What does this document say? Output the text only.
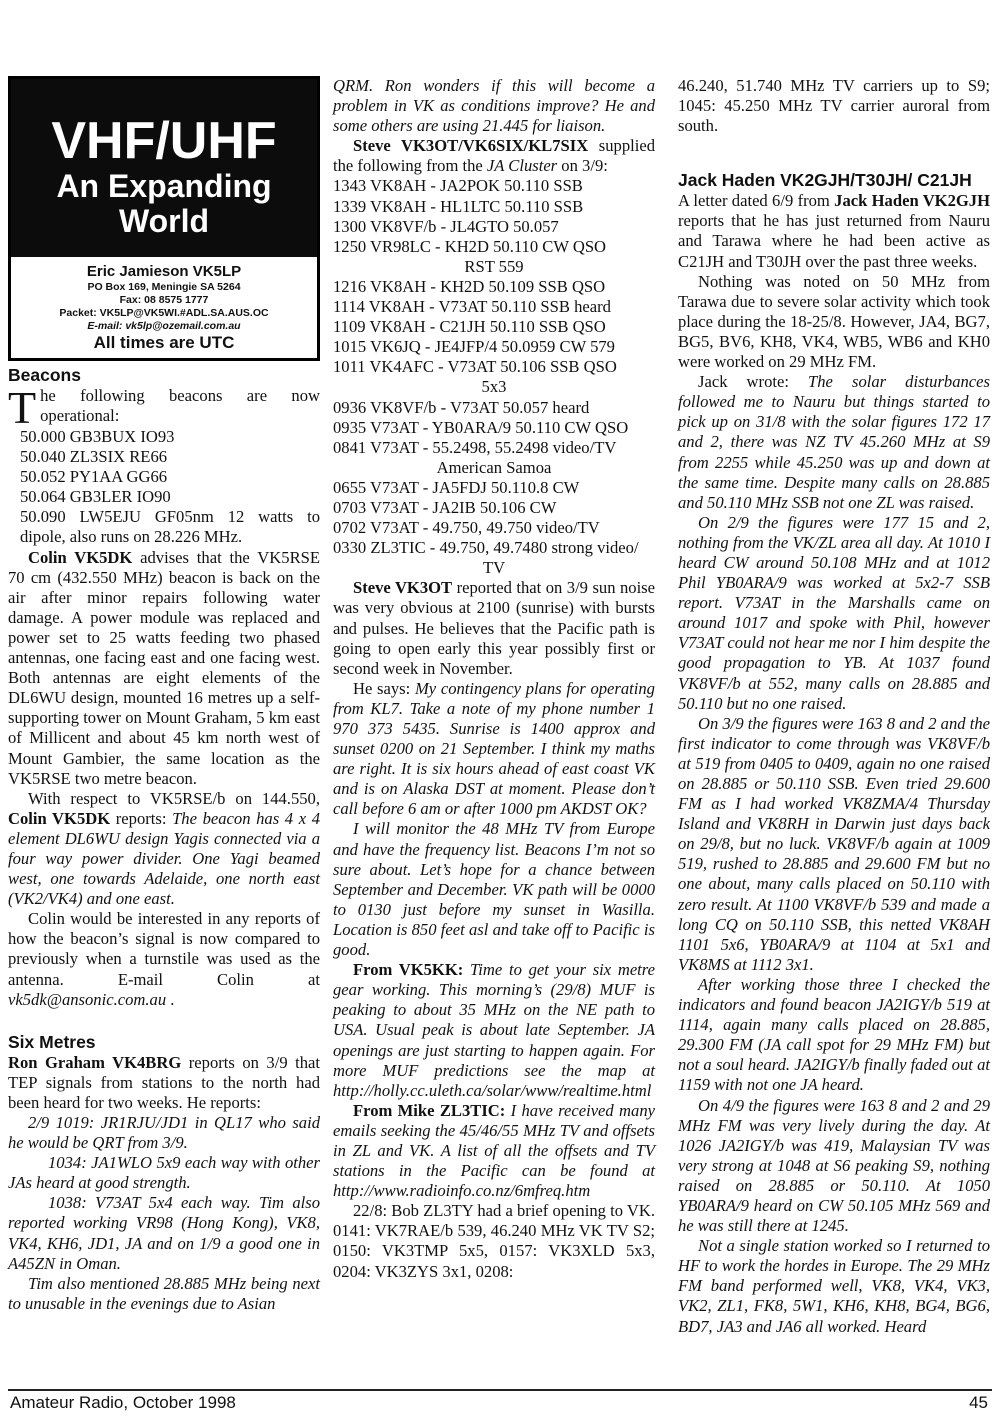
VHF/UHF
An Expanding
World
Eric Jamieson VK5LP
PO Box 169, Meningie SA 5264
Fax: 08 8575 1777
Packet: VK5LP@VK5WI.#ADL.SA.AUS.OC
E-mail: vk5lp@ozemail.com.au
All times are UTC
Beacons

The following beacons are now operational:

50.000 GB3BUX IO93
50.040 ZL3SIX RE66
50.052 PY1AA GG66
50.064 GB3LER IO90

50.090 LW5EJU GF05nm 12 watts to dipole, also runs on 28.226 MHz.

Colin VK5DK advises that the VK5RSE 70 cm (432.550 MHz) beacon is back on the air after minor repairs following water damage. A power module was replaced and power set to 25 watts feeding two phased antennas, one facing east and one facing west. Both antennas are eight elements of the DL6WU design, mounted 16 metres up a self-supporting tower on Mount Graham, 5 km east of Millicent and about 45 km north west of Mount Gambier, the same location as the VK5RSE two metre beacon.

With respect to VK5RSE/b on 144.550, Colin VK5DK reports: The beacon has 4 x 4 element DL6WU design Yagis connected via a four way power divider. One Yagi beamed west, one towards Adelaide, one north east (VK2/VK4) and one east.

Colin would be interested in any reports of how the beacon’s signal is now compared to previously when a turnstile was used as the antenna. E-mail Colin at vk5dk@ansonic.com.au .

Six Metres

Ron Graham VK4BRG reports on 3/9 that TEP signals from stations to the north had been heard for two weeks. He reports:

2/9 1019: JR1RJU/JD1 in QL17 who said he would be QRT from 3/9.

1034: JA1WLO 5x9 each way with other JAs heard at good strength.

1038: V73AT 5x4 each way. Tim also reported working VR98 (Hong Kong), VK8, VK4, KH6, JD1, JA and on 1/9 a good one in A45ZN in Oman.

Tim also mentioned 28.885 MHz being next to unusable in the evenings due to Asian

QRM. Ron wonders if this will become a problem in VK as conditions improve? He and some others are using 21.445 for liaison.

Steve VK3OT/VK6SIX/KL7SIX supplied the following from the JA Cluster on 3/9:

1343 VK8AH - JA2POK 50.110 SSB
1339 VK8AH - HL1LTC 50.110 SSB
1300 VK8VF/b - JL4GTO 50.057
1250 VR98LC - KH2D 50.110 CW QSO
RST 559
1216 VK8AH - KH2D 50.109 SSB QSO
1114 VK8AH - V73AT 50.110 SSB heard
1109 VK8AH - C21JH 50.110 SSB QSO
1015 VK6JQ - JE4JFP/4 50.0959 CW 579
1011 VK4AFC - V73AT 50.106 SSB QSO
5x3
0936 VK8VF/b - V73AT 50.057 heard
0935 V73AT - YB0ARA/9 50.110 CW QSO
0841 V73AT - 55.2498, 55.2498 video/TV
American Samoa
0655 V73AT - JA5FDJ 50.110.8 CW
0703 V73AT - JA2IB 50.106 CW
0702 V73AT - 49.750, 49.750 video/TV
0330 ZL3TIC - 49.750, 49.7480 strong video/
TV

Steve VK3OT reported that on 3/9 sun noise was very obvious at 2100 (sunrise) with bursts and pulses. He believes that the Pacific path is going to open early this year possibly first or second week in November.

He says: My contingency plans for operating from KL7. Take a note of my phone number 1 970 373 5435. Sunrise is 1400 approx and sunset 0200 on 21 September. I think my maths are right. It is six hours ahead of east coast VK and is on Alaska DST at moment. Please don’t call before 6 am or after 1000 pm AKDST OK?

I will monitor the 48 MHz TV from Europe and have the frequency list. Beacons I’m not so sure about. Let’s hope for a chance between September and December. VK path will be 0000 to 0130 just before my sunset in Wasilla. Location is 850 feet asl and take off to Pacific is good.

From VK5KK: Time to get your six metre gear working. This morning’s (29/8) MUF is peaking to about 35 MHz on the NE path to USA. Usual peak is about late September. JA openings are just starting to happen again. For more MUF predictions see the map at http://holly.cc.uleth.ca/solar/www/realtime.html

From Mike ZL3TIC: I have received many emails seeking the 45/46/55 MHz TV and offsets in ZL and VK. A list of all the offsets and TV stations in the Pacific can be found at http://www.radioinfo.co.nz/6mfreq.htm

22/8: Bob ZL3TY had a brief opening to VK. 0141: VK7RAE/b 539, 46.240 MHz VK TV S2; 0150: VK3TMP 5x5, 0157: VK3XLD 5x3, 0204: VK3ZYS 3x1, 0208:

46.240, 51.740 MHz TV carriers up to S9; 1045: 45.250 MHz TV carrier auroral from south.

Jack Haden VK2GJH/T30JH/ C21JH

A letter dated 6/9 from Jack Haden VK2GJH reports that he has just returned from Nauru and Tarawa where he had been active as C21JH and T30JH over the past three weeks.

Nothing was noted on 50 MHz from Tarawa due to severe solar activity which took place during the 18-25/8. However, JA4, BG7, BG5, BV6, KH8, VK4, WB5, WB6 and KH0 were worked on 29 MHz FM.

Jack wrote: The solar disturbances followed me to Nauru but things started to pick up on 31/8 with the solar figures 172 17 and 2, there was NZ TV 45.260 MHz at S9 from 2255 while 45.250 was up and down at the same time. Despite many calls on 28.885 and 50.110 MHz SSB not one ZL was raised.

On 2/9 the figures were 177 15 and 2, nothing from the VK/ZL area all day. At 1010 I heard CW around 50.108 MHz and at 1012 Phil YB0ARA/9 was worked at 5x2-7 SSB report. V73AT in the Marshalls came on around 1017 and spoke with Phil, however V73AT could not hear me nor I him despite the good propagation to YB. At 1037 found VK8VF/b at 552, many calls on 28.885 and 50.110 but no one raised.

On 3/9 the figures were 163 8 and 2 and the first indicator to come through was VK8VF/b at 519 from 0405 to 0409, again no one raised on 28.885 or 50.110 SSB. Even tried 29.600 FM as I had worked VK8ZMA/4 Thursday Island and VK8RH in Darwin just days back on 29/8, but no luck. VK8VF/b again at 1009 519, rushed to 28.885 and 29.600 FM but no one about, many calls placed on 50.110 with zero result. At 1100 VK8VF/b 539 and made a long CQ on 50.110 SSB, this netted VK8AH 1101 5x6, YB0ARA/9 at 1104 at 5x1 and VK8MS at 1112 3x1.

After working those three I checked the indicators and found beacon JA2IGY/b 519 at 1114, again many calls placed on 28.885, 29.300 FM (JA call spot for 29 MHz FM) but not a soul heard. JA2IGY/b finally faded out at 1159 with not one JA heard.

On 4/9 the figures were 163 8 and 2 and 29 MHz FM was very lively during the day. At 1026 JA2IGY/b was 419, Malaysian TV was very strong at 1048 at S6 peaking S9, nothing raised on 28.885 or 50.110. At 1050 YB0ARA/9 heard on CW 50.105 MHz 569 and he was still there at 1245.

Not a single station worked so I returned to HF to work the hordes in Europe. The 29 MHz FM band performed well, VK8, VK4, VK3, VK2, ZL1, FK8, 5W1, KH6, KH8, BG4, BG6, BD7, JA3 and JA6 all worked. Heard

Amateur Radio, October 1998	45
